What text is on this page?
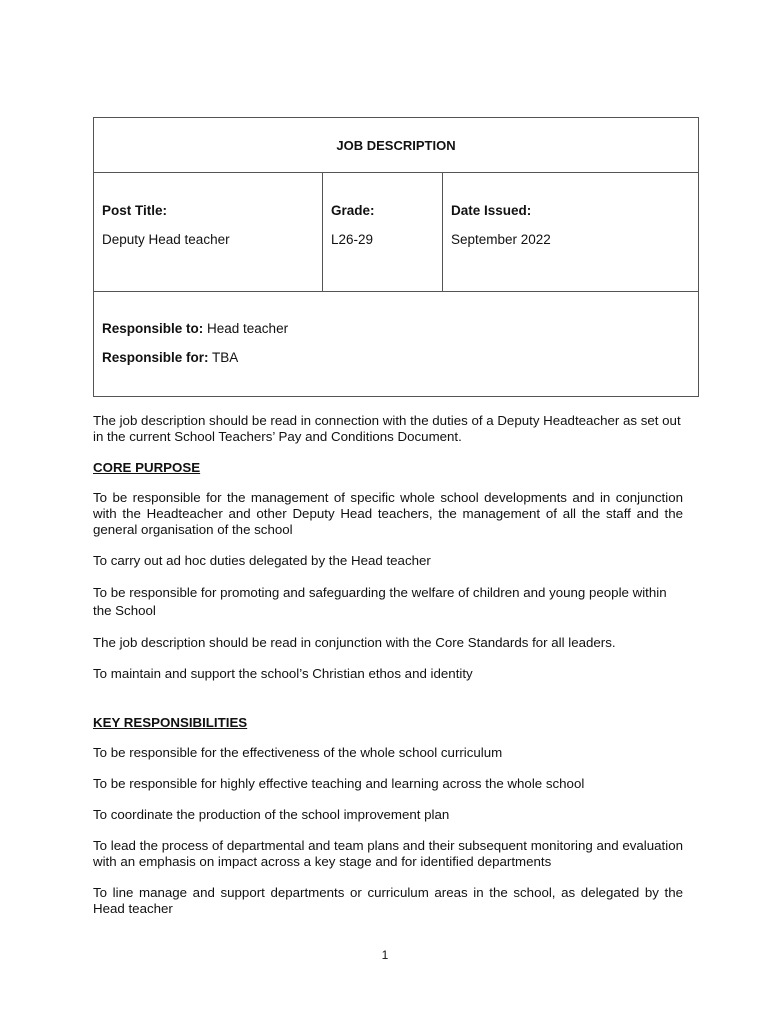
JOB DESCRIPTION

Post Title:

Deputy Head teacher

Grade:

L26-29

Date Issued:

September 2022

Responsible to: Head teacher

Responsible for: TBA

The job description should be read in connection with the duties of a Deputy Headteacher as set out in the current School Teachers’ Pay and Conditions Document.

CORE PURPOSE

To be responsible for the management of specific whole school developments and in conjunction with the Headteacher and other Deputy Head teachers, the management of all the staff and the general organisation of the school

To carry out ad hoc duties delegated by the Head teacher

To be responsible for promoting and safeguarding the welfare of children and young people within the School

The job description should be read in conjunction with the Core Standards for all leaders.

To maintain and support the school’s Christian ethos and identity

KEY RESPONSIBILITIES

To be responsible for the effectiveness of the whole school curriculum

To be responsible for highly effective teaching and learning across the whole school

To coordinate the production of the school improvement plan

To lead the process of departmental and team plans and their subsequent monitoring and evaluation with an emphasis on impact across a key stage and for identified departments

To line manage and support departments or curriculum areas in the school, as delegated by the Head teacher

1
